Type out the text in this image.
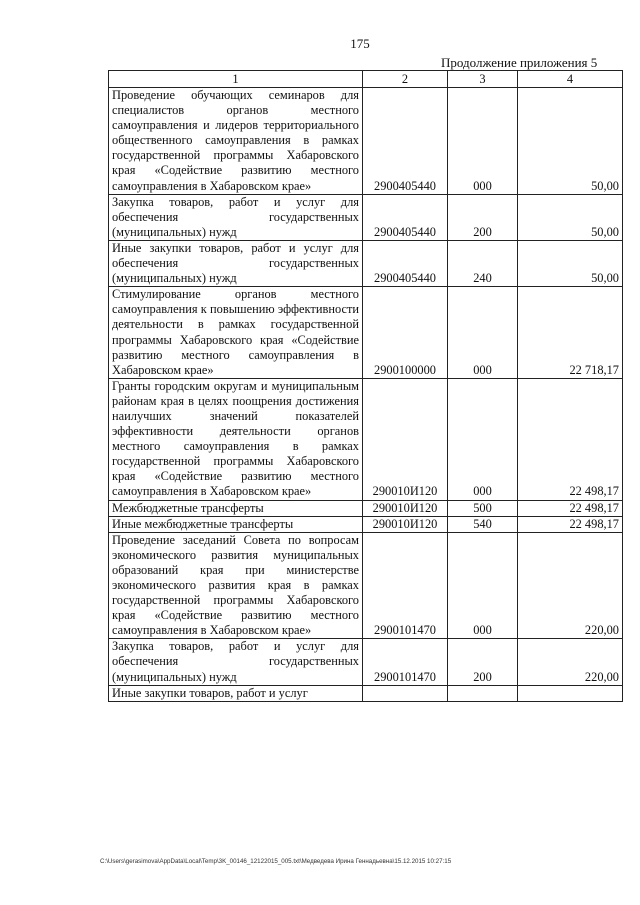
175
Продолжение приложения 5
1	2	3	4
Проведение обучающих семинаров для специалистов органов местного самоуправления и лидеров территориального общественного самоуправления в рамках государственной программы Хабаровского края «Содействие развитию местного самоуправления в Хабаровском крае»	2900405440	000	50,00
Закупка товаров, работ и услуг для обеспечения государственных (муниципальных) нужд	2900405440	200	50,00
Иные закупки товаров, работ и услуг для обеспечения государственных (муниципальных) нужд	2900405440	240	50,00
Стимулирование органов местного самоуправления к повышению эффективности деятельности в рамках государственной программы Хабаровского края «Содействие развитию местного самоуправления в Хабаровском крае»	2900100000	000	22 718,17
Гранты городским округам и муниципальным районам края в целях поощрения достижения наилучших значений показателей эффективности деятельности органов местного самоуправления в рамках государственной программы Хабаровского края «Содействие развитию местного самоуправления в Хабаровском крае»	290010И120	000	22 498,17
Межбюджетные трансферты	290010И120	500	22 498,17
Иные межбюджетные трансферты	290010И120	540	22 498,17
Проведение заседаний Совета по вопросам экономического развития муниципальных образований края при министерстве экономического развития края в рамках государственной программы Хабаровского края «Содействие развитию местного самоуправления в Хабаровском крае»	2900101470	000	220,00
Закупка товаров, работ и услуг для обеспечения государственных (муниципальных) нужд	2900101470	200	220,00
Иные закупки товаров, работ и услуг			
C:\Users\gerasimova\AppData\Local\Temp\3K_00146_12122015_005.txt\Медведева Ирина Геннадьевна\15.12.2015 10:27:15
